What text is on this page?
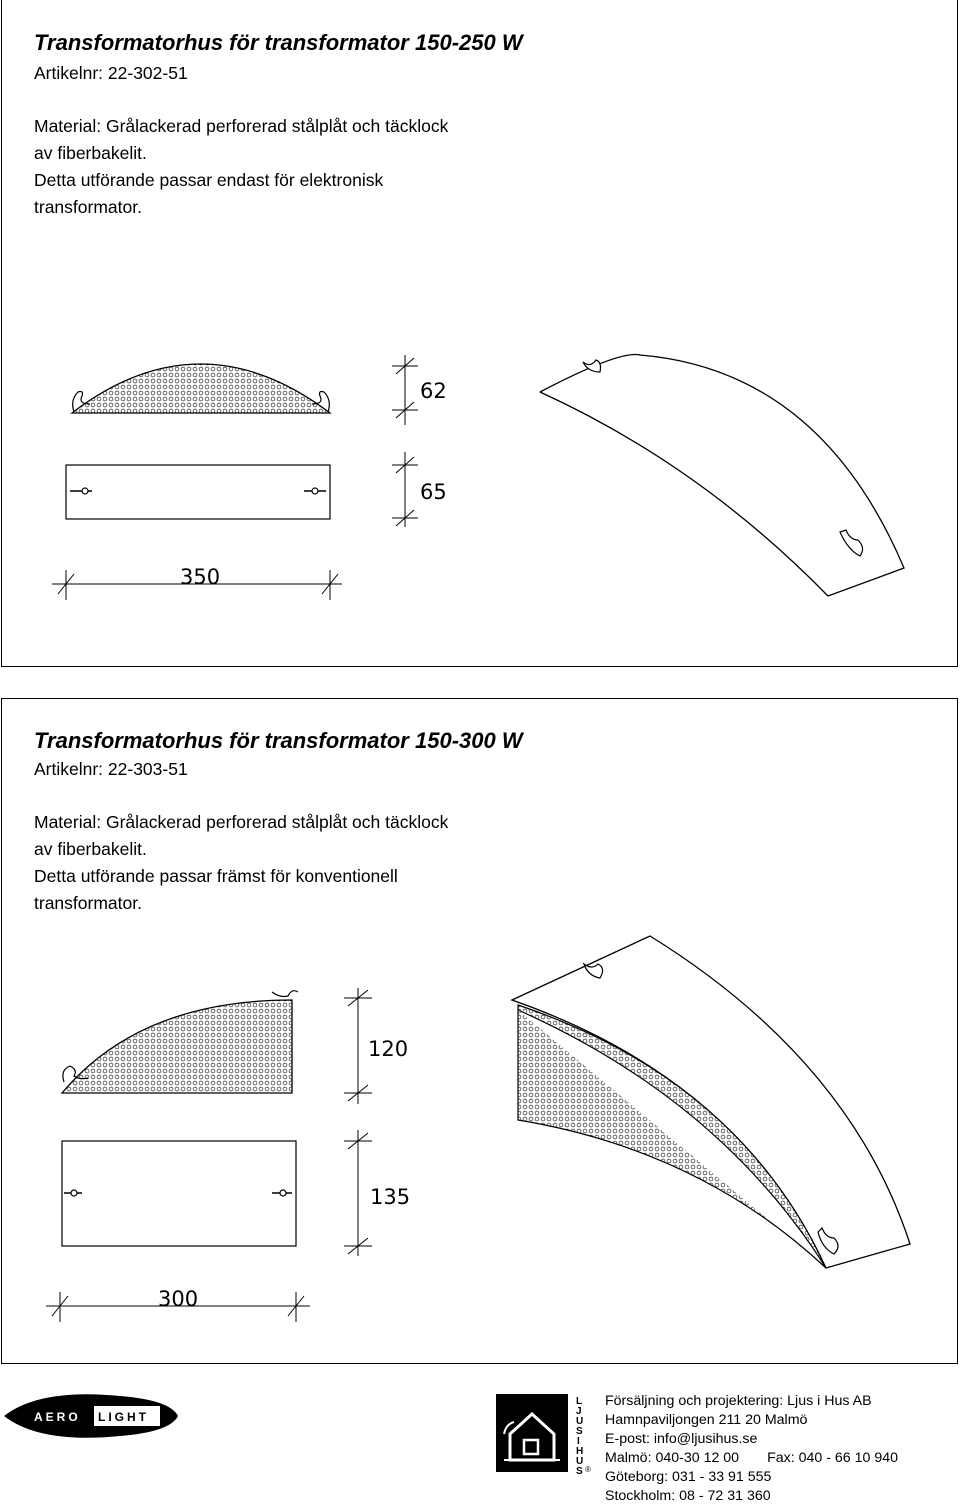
Transformatorhus för transformator 150-250 W

Artikelnr: 22-302-51

Material: Grålackerad perforerad stålplåt och täcklock

av fiberbakelit.

Detta utförande passar endast för elektronisk

transformator.

350
62
65
Transformatorhus för transformator 150-300 W

Artikelnr: 22-303-51

Material: Grålackerad perforerad stålplåt och täcklock

av fiberbakelit.

Detta utförande passar främst för konventionell

transformator.

300
120
135
AERO LIGHT
L
J
U
S
I
H
U
S ®
Försäljning och projektering: Ljus i Hus AB
Hamnpaviljongen 211 20 Malmö
E-post: info@ljusihus.se
Malmö: 040-30 12 00 Fax: 040 - 66 10 940
Göteborg: 031 - 33 91 555
Stockholm: 08 - 72 31 360
